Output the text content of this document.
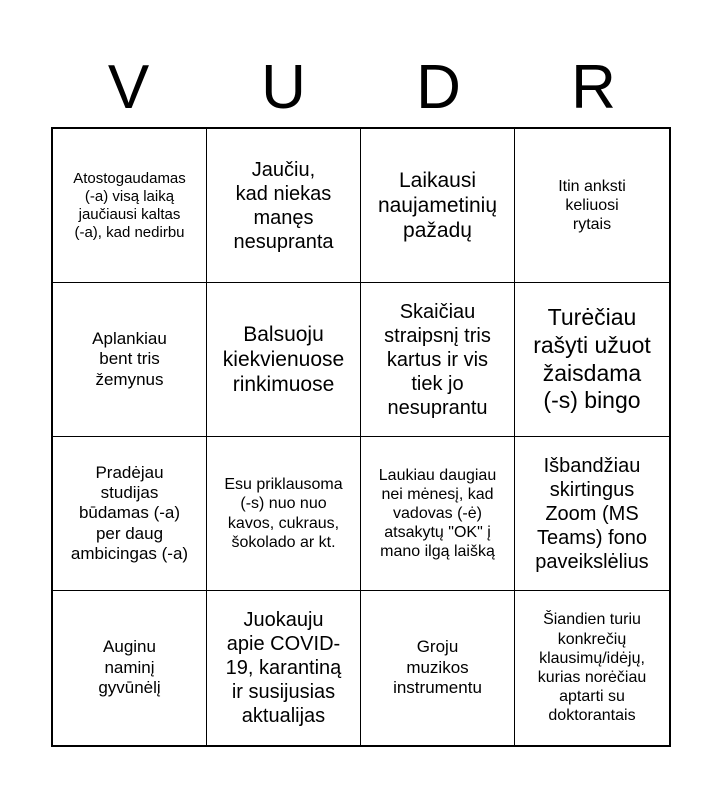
V	U	D	R
Atostogaudamas
(-a) visą laiką
jaučiausi kaltas
(-a), kad nedirbu
Jaučiu,
kad niekas
manęs
nesupranta
Laikausi
naujametinių
pažadų
Itin anksti
keliuosi
rytais
Aplankiau
bent tris
žemynus
Balsuoju
kiekvienuose
rinkimuose
Skaičiau
straipsnį tris
kartus ir vis
tiek jo
nesuprantu
Turėčiau
rašyti užuot
žaisdama
(-s) bingo
Pradėjau
studijas
būdamas (-a)
per daug
ambicingas (-a)
Esu priklausoma
(-s) nuo nuo
kavos, cukraus,
šokolado ar kt.
Laukiau daugiau
nei mėnesį, kad
vadovas (-ė)
atsakytų "OK" į
mano ilgą laišką
Išbandžiau
skirtingus
Zoom (MS
Teams) fono
paveikslėlius
Auginu
naminį
gyvūnėlį
Juokauju
apie COVID-
19, karantiną
ir susijusias
aktualijas
Groju
muzikos
instrumentu
Šiandien turiu
konkrečių
klausimų/idėjų,
kurias norėčiau
aptarti su
doktorantais
